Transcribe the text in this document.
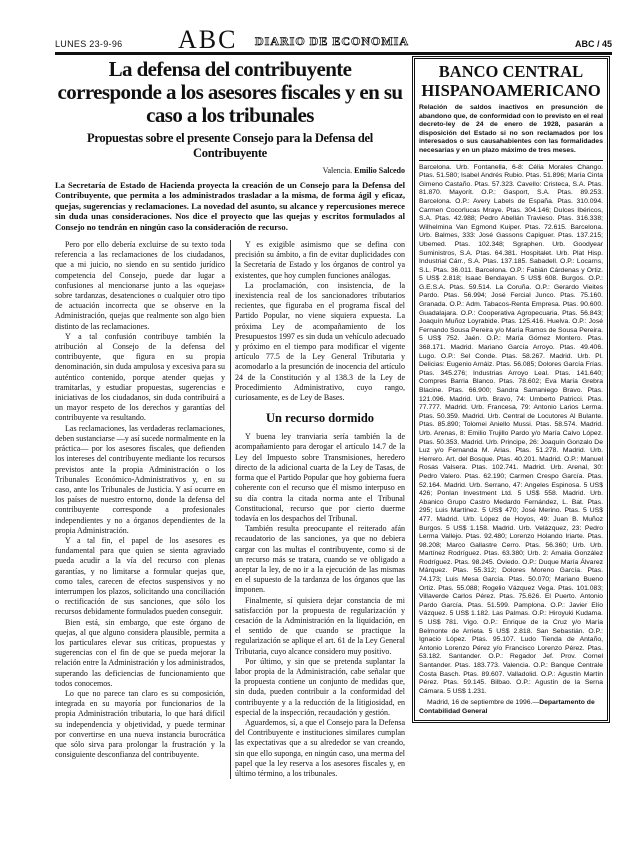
LUNES 23-9-96 ABC DIARIO DE ECONOMIA	ABC / 45
La defensa del contribuyente corresponde a los asesores fiscales y en su caso a los tribunales
Propuestas sobre el presente Consejo para la Defensa del Contribuyente
Valencia. Emilio Salcedo
La Secretaría de Estado de Hacienda proyecta la creación de un Consejo para la Defensa del Contribuyente, que permita a los administrados trasladar a la misma, de forma ágil y eficaz, quejas, sugerencias y reclamaciones. La novedad del asunto, su alcance y repercusiones merece sin duda unas consideraciones. Nos dice el proyecto que las quejas y escritos formulados al Consejo no tendrán en ningún caso la consideración de recurso.

Pero por ello debería excluirse de su texto toda referencia a las reclamaciones de los ciudadanos, que a mi juicio, no siendo en su sentido jurídico competencia del Consejo, puede dar lugar a confusiones al mencionarse junto a las «quejas» sobre tardanzas, desatenciones o cualquier otro tipo de actuación incorrecta que se observe en la Administración, quejas que realmente son algo bien distinto de las reclamaciones.

Y a tal confusión contribuye también la atribución al Consejo de la defensa del contribuyente, que figura en su propia denominación, sin duda ampulosa y excesiva para su auténtico contenido, porque atender quejas y tramitarlas, y estudiar propuestas, sugerencias e iniciativas de los ciudadanos, sin duda contribuirá a un mayor respeto de los derechos y garantías del contribuyente va resultando.

Las reclamaciones, las verdaderas reclamaciones, deben sustanciarse —y así sucede normalmente en la práctica— por los asesores fiscales, que defienden los intereses del contribuyente mediante los recursos previstos ante la propia Administración o los Tribunales Económico-Administrativos y, en su caso, ante los Tribunales de Justicia. Y así ocurre en los países de nuestro entorno, donde la defensa del contribuyente corresponde a profesionales independientes y no a órganos dependientes de la propia Administración.

Y a tal fin, el papel de los asesores es fundamental para que quien se sienta agraviado pueda acudir a la vía del recurso con plenas garantías, y no limitarse a formular quejas que, como tales, carecen de efectos suspensivos y no interrumpen los plazos, solicitando una conciliación o rectificación de sus sanciones, que sólo los recursos debidamente formulados pueden conseguir.

Bien está, sin embargo, que este órgano de quejas, al que alguno considera plausible, permita a los particulares elevar sus críticas, propuestas y sugerencias con el fin de que se pueda mejorar la relación entre la Administración y los administrados, superando las deficiencias de funcionamiento que todos conocemos.

Lo que no parece tan claro es su composición, integrada en su mayoría por funcionarios de la propia Administración tributaria, lo que hará difícil su independencia y objetividad, y puede terminar por convertirse en una nueva instancia burocrática que sólo sirva para prolongar la frustración y la consiguiente desconfianza del contribuyente.

Y es exigible asimismo que se defina con precisión su ámbito, a fin de evitar duplicidades con la Secretaría de Estado y los órganos de control ya existentes, que hoy cumplen funciones análogas.

La proclamación, con insistencia, de la inexistencia real de los sancionadores tributarios recientes, que figuraba en el programa fiscal del Partido Popular, no viene siquiera expuesta. La próxima Ley de acompañamiento de los Presupuestos 1997 es sin duda un vehículo adecuado y próximo en el tiempo para modificar el vigente artículo 77.5 de la Ley General Tributaria y acomodarlo a la presunción de inocencia del artículo 24 de la Constitución y al 138.3 de la Ley de Procedimiento Administrativo, cuyo rango, curiosamente, es de Ley de Bases.

Un recurso dormido

Y buena ley tranviaria sería también la de acompañamiento para derogar el artículo 14.7 de la Ley del Impuesto sobre Transmisiones, heredero directo de la adicional cuarta de la Ley de Tasas, de forma que el Partido Popular que hoy gobierna fuera coherente con el recurso que él mismo interpuso en su día contra la citada norma ante el Tribunal Constitucional, recurso que por cierto duerme todavía en los despachos del Tribunal.

También resulta preocupante el reiterado afán recaudatorio de las sanciones, ya que no debiera cargar con las multas el contribuyente, como si de un recurso más se tratara, cuando se ve obligado a aceptar la ley, de no ir a la ejecución de las mismas en el supuesto de la tardanza de los órganos que las imponen.

Finalmente, sí quisiera dejar constancia de mi satisfacción por la propuesta de regularización y cesación de la Administración en la liquidación, en el sentido de que cuando se practique la regularización se aplique el art. 61 de la Ley General Tributaria, cuyo alcance considero muy positivo.

Por último, y sin que se pretenda suplantar la labor propia de la Administración, cabe señalar que la propuesta contiene un conjunto de medidas que, sin duda, pueden contribuir a la conformidad del contribuyente y a la reducción de la litigiosidad, en especial de la inspección, recaudación y gestión.

Aguardemos, sí, a que el Consejo para la Defensa del Contribuyente e instituciones similares cumplan las expectativas que a su alrededor se van creando, sin que ello suponga, en ningún caso, una merma del papel que la ley reserva a los asesores fiscales y, en último término, a los tribunales.

BANCO CENTRAL HISPANOAMERICANO
Relación de saldos inactivos en presunción de abandono que, de conformidad con lo previsto en el real decreto-ley de 24 de enero de 1928, pasarán a disposición del Estado si no son reclamados por los interesados o sus causahabientes con las formalidades necesarias y en un plazo máximo de tres meses.
Barcelona. Urb. Fontanella, 6-8: Célia Morales Chango. Ptas. 51.580; Isabel Andrés Rubio. Ptas. 51.896; María Cinta Gimeno Castaño. Ptas. 57.323. Cavello: Cristeca, S.A. Ptas. 81.870. Mayorít. O.P.: Gasport, S.A. Ptas. 89.253.Barcelona. O.P.: Avery Labels de España. Ptas. 310.094.Carmen Cocorlucas Mraye. Ptas. 304.146; Dulces Ibéricos, S.A. Ptas. 42.988; Pedro Abellán Travieso. Ptas. 316.338; Wilhelmina Van Egmond Kuiper. Ptas. 72.615. Barcelona. Urb. Balmes, 333: José Gassons Capiguer. Ptas. 137.215; Ubemed. Ptas. 102.348; Sgraphen. Urb. Goodyear Suministros, S.A. Ptas. 64.381. Hospitalet. Urb. Plat Hisp. Industrial Cárr., S.A. Ptas. 137.185. Sabadell. O.P.: Locarns, S.L. Ptas. 36.011. Barcelona. O.P.: Fabián Cárdenas y Ortiz. 5 US$ 2.818; Isaac Bendayan. 5 US$ 608. Burgos. O.P.: G.E.S.A. Ptas. 59.514. La Coruña. O.P.: Gerardo Vieites Pardo. Ptas. 56.994; José Fercial Junco. Ptas. 75.160.Granada. O.P.: Adm. Tabacos-Renta Empresa. Ptas. 90.600.Guadalajara. O.P.: Cooperativa Agropecuaria. Ptas. 56.843; Joaquín Muñoz Loyrabide. Ptas. 125.416. Huelva. O.P.: José Fernando Sousa Pereira y/o María Ramos de Sousa Pereira. 5 US$ 752. Jaén. O.P.: María Gómez Montero. Ptas. 368.171. Madrid. Mariano García Arroyo. Ptas. 49.406.Lugo. O.P.: Sel Conde. Ptas. 58.267. Madrid. Urb. Pl. Delicias: Eugenio Arnáiz. Ptas. 56.085; Dolores García Frías. Ptas. 345.276; Industrias Arroyo Leal. Ptas. 141.640; Compres Barria Blanco. Ptas. 78.602; Eva María Grebra Blacine. Ptas. 66.900; Sandra Samaniego Bravo. Ptas. 121.096. Madrid. Urb. Bravo, 74: Umberto Patricci. Ptas. 77.777. Madrid. Urb. Francesa, 79: Antonio Larios Lerma. Ptas. 50.359. Madrid. Urb. Central de Locutores Al Bulante. Ptas. 85.890; Tolomei Aniello Mussi. Ptas. 58.574. Madrid. Urb. Arenas, 8: Emilio Trujillo Pardo y/o María Calvo López. Ptas. 50.353. Madrid. Urb. Principe, 26: Joaquín Gonzalo De Luz y/o Fernanda M. Arias. Ptas. 51.278. Madrid. Urb. Herrero. Art. del Bosque. Ptas. 40.201. Madrid. O.P.: Manuel Rosas Valsera. Ptas. 102.741. Madrid. Urb. Arenal, 30: Pedro Valero. Ptas. 62.190; Carmen Crespo García. Ptas. 52.164. Madrid. Urb. Serrano, 47: Angeles Espinosa. 5 US$ 426; Ponlan Investment Ltd. 5 US$ 558. Madrid. Urb. Abanico Grupo Castro Medardo Fernández, L. Bat. Ptas. 295; Luis Martínez. 5 US$ 470; José Merino. Ptas. 5 US$ 477. Madrid. Urb. López de Hoyos, 49: Juan B. Muñoz Burgos. 5 US$ 1.158. Madrid. Urb. Velázquez, 23: Pedro Lerma Vallejo. Ptas. 92.480; Lorenzo Holando Iriarte. Ptas. 98.208; Marco Gallastre Cerro. Ptas. 56.360; Urb. Urb. Martínez Rodríguez. Ptas. 63.380; Urb. 2: Amalia González Rodríguez. Ptas. 98.245. Oviedo. O.P.: Duque María Álvarez Márquez. Ptas. 55.312; Dolores Moreno García. Ptas. 74.173; Luis Mesa García. Ptas. 50.070; Mariano Bueno Ortiz. Ptas. 55.088; Rogelio Vázquez Vega. Ptas. 101.083; Villaverde Carlos Pérez. Ptas. 75.626. El Puerto. Antonio Pardo García. Ptas. 51.599. Pamplona. O.P.: Javier Elío Vázquez. 5 US$ 1.182. Las Palmas. O.P.: Hiroyuki Kudama. 5 US$ 781. Vigo. O.P.: Enrique de la Cruz y/o María Belmonte de Arrieta. 5 US$ 2.818. San Sebastián. O.P.: Ignacio López. Ptas. 95.107. Ludo Tienda de Antaño, Antonio Lorenzo Pérez y/o Francisco Lorenzo Pérez. Ptas. 53.182. Santander. O.P.: Regador Jef. Prov. Cornel Santander. Ptas. 183.773. Valencia. O.P.: Banque Centrale Costa Basch. Ptas. 89.607. Valladolid. O.P.: Agustín Martín Pérez. Ptas. 59.145. Bilbao. O.P.: Agustín de la Serna Cámara. 5 US$ 1.231.
Madrid, 16 de septiembre de 1996.—Departamento de Contabilidad General
